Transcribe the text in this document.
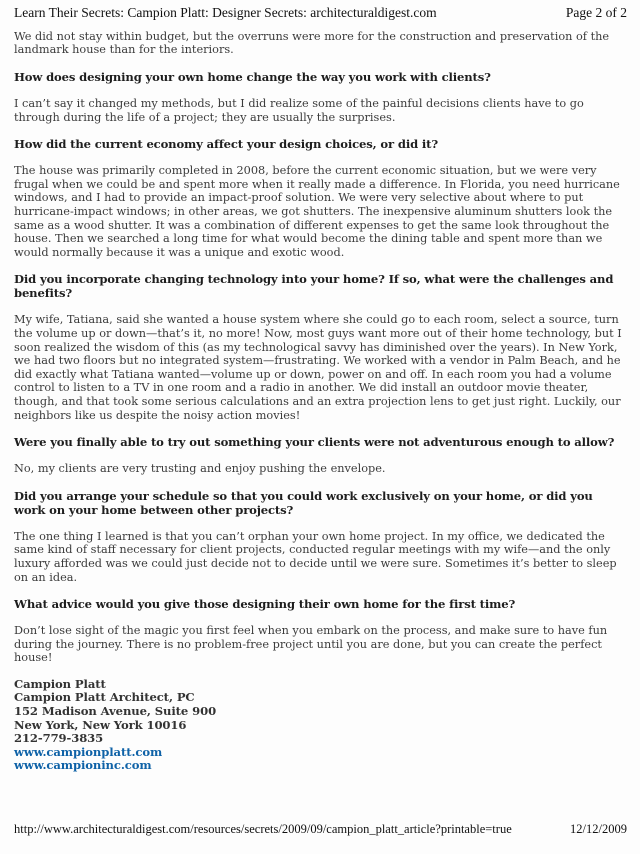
Learn Their Secrets: Campion Platt: Designer Secrets: architecturaldigest.com	Page 2 of 2

We did not stay within budget, but the overruns were more for the construction and preservation of the landmark house than for the interiors.

How does designing your own home change the way you work with clients?

I can’t say it changed my methods, but I did realize some of the painful decisions clients have to go through during the life of a project; they are usually the surprises.

How did the current economy affect your design choices, or did it?

The house was primarily completed in 2008, before the current economic situation, but we were very frugal when we could be and spent more when it really made a difference. In Florida, you need hurricane windows, and I had to provide an impact-proof solution. We were very selective about where to put hurricane-impact windows; in other areas, we got shutters. The inexpensive aluminum shutters look the same as a wood shutter. It was a combination of different expenses to get the same look throughout the house. Then we searched a long time for what would become the dining table and spent more than we would normally because it was a unique and exotic wood.

Did you incorporate changing technology into your home? If so, what were the challenges and benefits?

My wife, Tatiana, said she wanted a house system where she could go to each room, select a source, turn the volume up or down—that’s it, no more! Now, most guys want more out of their home technology, but I soon realized the wisdom of this (as my technological savvy has diminished over the years). In New York, we had two floors but no integrated system—frustrating. We worked with a vendor in Palm Beach, and he did exactly what Tatiana wanted—volume up or down, power on and off. In each room you had a volume control to listen to a TV in one room and a radio in another. We did install an outdoor movie theater, though, and that took some serious calculations and an extra projection lens to get just right. Luckily, our neighbors like us despite the noisy action movies!

Were you finally able to try out something your clients were not adventurous enough to allow?

No, my clients are very trusting and enjoy pushing the envelope.

Did you arrange your schedule so that you could work exclusively on your home, or did you work on your home between other projects?

The one thing I learned is that you can’t orphan your own home project. In my office, we dedicated the same kind of staff necessary for client projects, conducted regular meetings with my wife—and the only luxury afforded was we could just decide not to decide until we were sure. Sometimes it’s better to sleep on an idea.

What advice would you give those designing their own home for the first time?

Don’t lose sight of the magic you first feel when you embark on the process, and make sure to have fun during the journey. There is no problem-free project until you are done, but you can create the perfect house!

Campion Platt
Campion Platt Architect, PC
152 Madison Avenue, Suite 900
New York, New York 10016
212-779-3835
www.campionplatt.com
www.campioninc.com
http://www.architecturaldigest.com/resources/secrets/2009/09/campion_platt_article?printable=true	12/12/2009
